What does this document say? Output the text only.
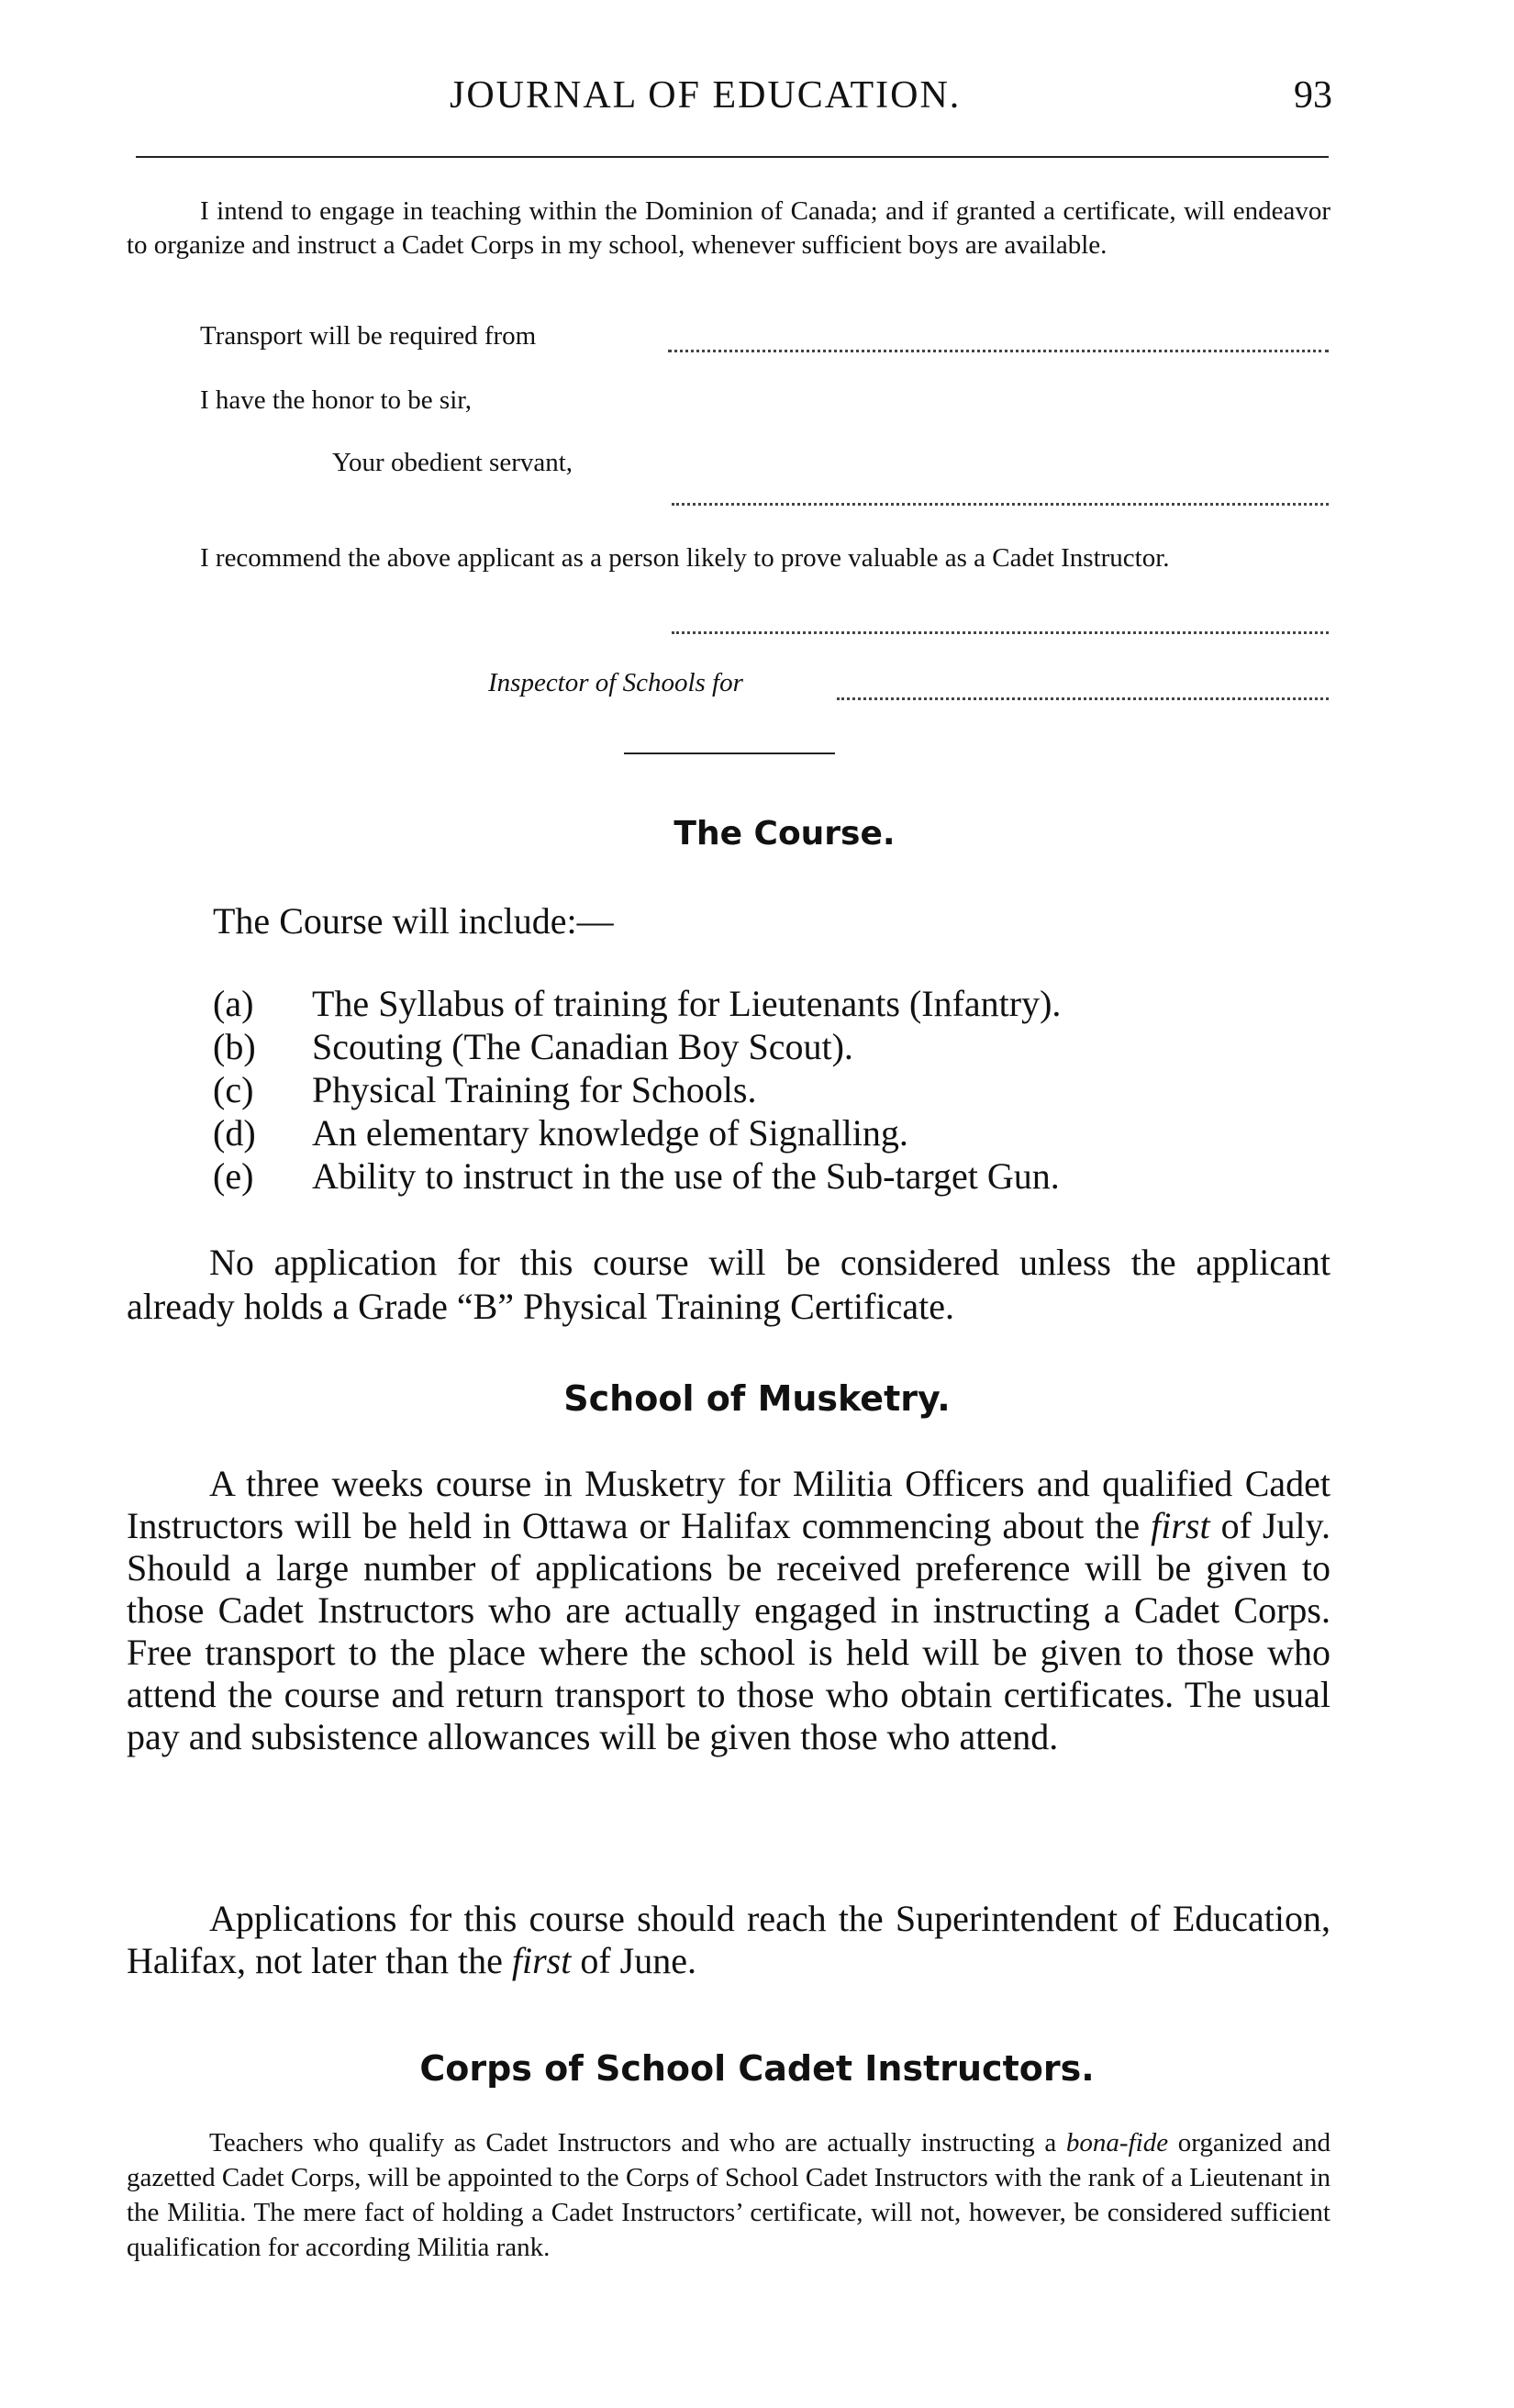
JOURNAL OF EDUCATION.	93

I intend to engage in teaching within the Dominion of Canada; and if granted a certificate, will endeavor to organize and instruct a Cadet Corps in my school, whenever sufficient boys are available.

Transport will be required from
I have the honor to be sir,
Your obedient servant,

I recommend the above applicant as a person likely to prove valuable as a Cadet Instructor.

Inspector of Schools for
The Course.
The Course will include:—
(a)	The Syllabus of training for Lieutenants (Infantry).
(b)	Scouting (The Canadian Boy Scout).
(c)	Physical Training for Schools.
(d)	An elementary knowledge of Signalling.
(e)	Ability to instruct in the use of the Sub-target Gun.

No application for this course will be considered unless the applicant already holds a Grade “B” Physical Training Certificate.

School of Musketry.

A three weeks course in Musketry for Militia Officers and qualified Cadet Instructors will be held in Ottawa or Halifax commencing about the first of July. Should a large number of applications be received preference will be given to those Cadet Instructors who are actually engaged in instructing a Cadet Corps. Free transport to the place where the school is held will be given to those who attend the course and return transport to those who obtain certificates. The usual pay and subsistence allowances will be given those who attend.

Applications for this course should reach the Superintendent of Education, Halifax, not later than the first of June.

Corps of School Cadet Instructors.

Teachers who qualify as Cadet Instructors and who are actually instructing a bona-fide organized and gazetted Cadet Corps, will be appointed to the Corps of School Cadet Instructors with the rank of a Lieutenant in the Militia. The mere fact of holding a Cadet Instructors’ certificate, will not, however, be considered sufficient qualification for according Militia rank.
